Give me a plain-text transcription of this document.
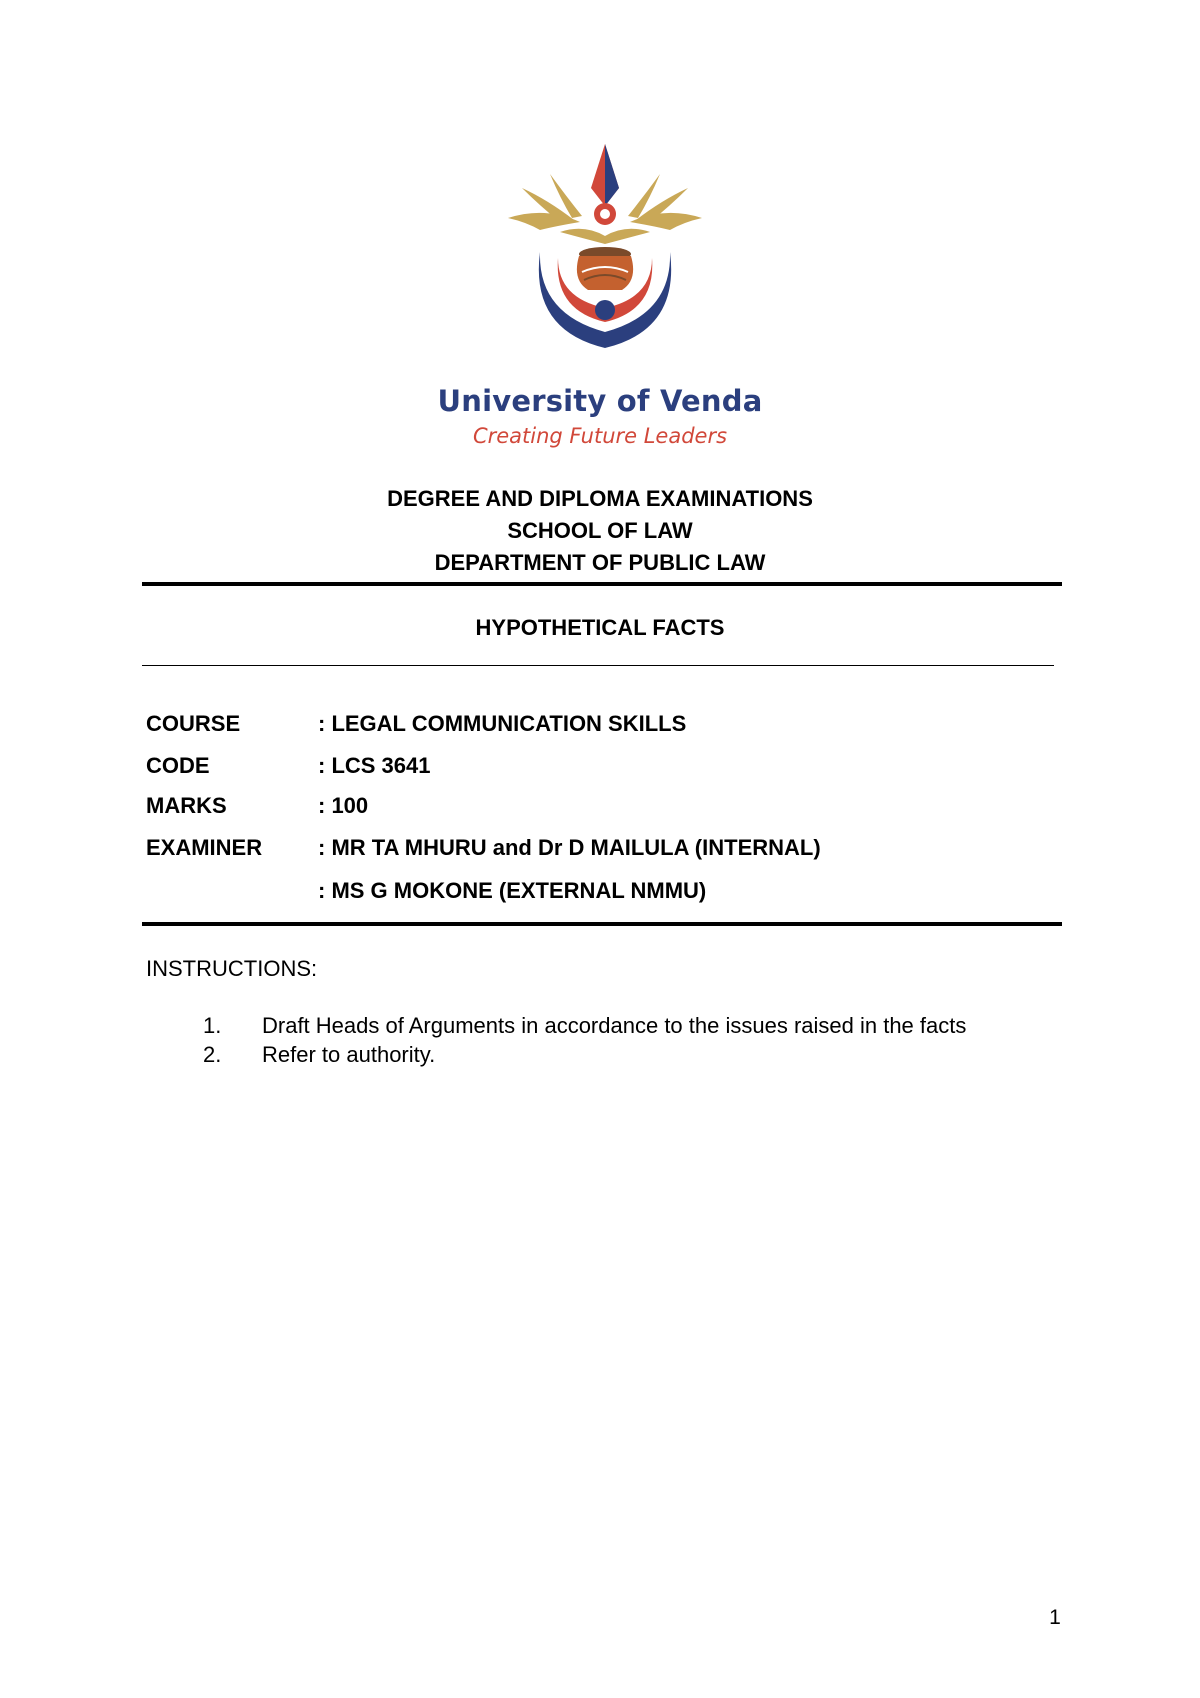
University of Venda
Creating Future Leaders
DEGREE AND DIPLOMA EXAMINATIONS
SCHOOL OF LAW
DEPARTMENT OF PUBLIC LAW
HYPOTHETICAL FACTS
COURSE	: LEGAL COMMUNICATION SKILLS
CODE	: LCS 3641
MARKS	: 100
EXAMINER	: MR TA MHURU and Dr D MAILULA (INTERNAL)
: MS G MOKONE (EXTERNAL NMMU)
INSTRUCTIONS:
1. Draft Heads of Arguments in accordance to the issues raised in the facts
2. Refer to authority.
1
